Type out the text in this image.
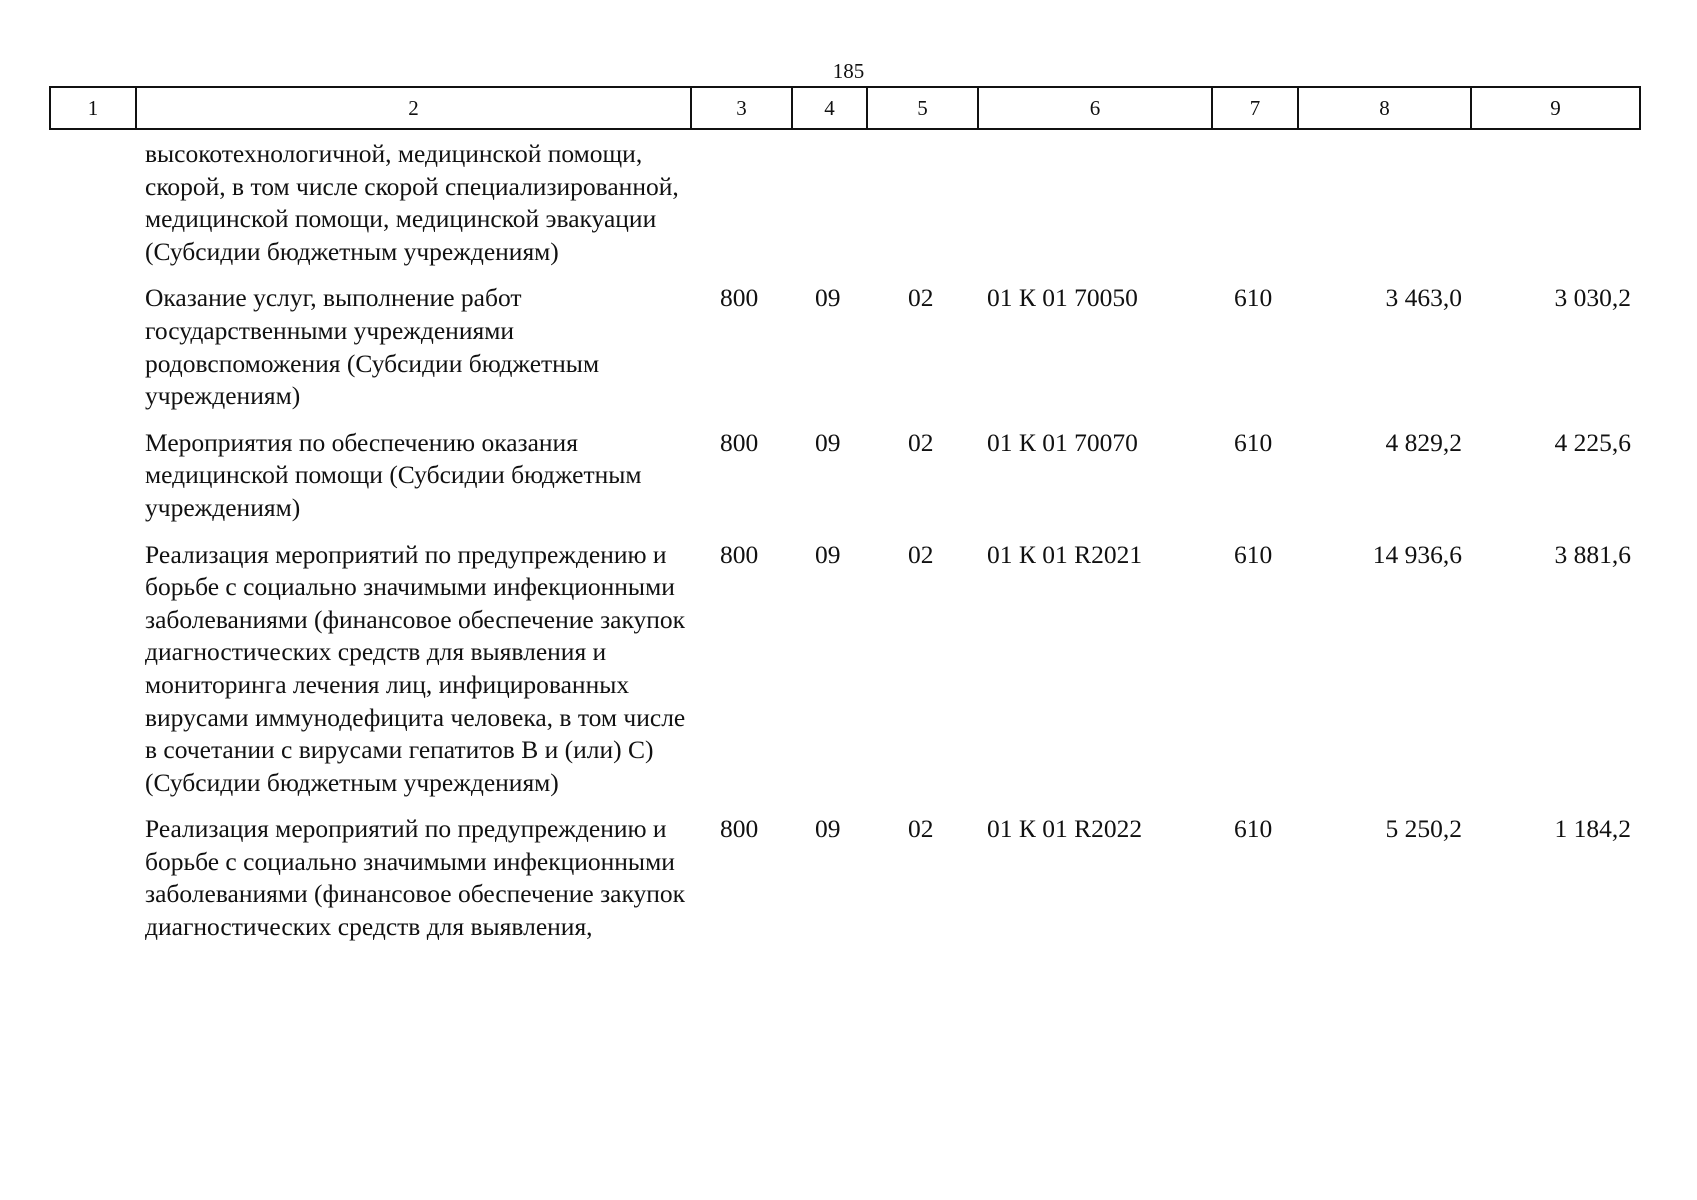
185
1	2	3	4	5	6	7	8	9
	высокотехнологичной, медицинской помощи, скорой, в том числе скорой специализированной, медицинской помощи, медицинской эвакуации (Субсидии бюджетным учреждениям)							
	Оказание услуг, выполнение работ государственными учреждениями родовспоможения (Субсидии бюджетным учреждениям)	800	09	02	01 К 01 70050	610	3 463,0	3 030,2
	Мероприятия по обеспечению оказания медицинской помощи (Субсидии бюджетным учреждениям)	800	09	02	01 К 01 70070	610	4 829,2	4 225,6
	Реализация мероприятий по предупреждению и борьбе с социально значимыми инфекционными заболеваниями (финансовое обеспечение закупок диагностических средств для выявления и мониторинга лечения лиц, инфицированных вирусами иммунодефицита человека, в том числе в сочетании с вирусами гепатитов В и (или) С) (Субсидии бюджетным учреждениям)	800	09	02	01 К 01 R2021	610	14 936,6	3 881,6
	Реализация мероприятий по предупреждению и борьбе с социально значимыми инфекционными заболеваниями (финансовое обеспечение закупок диагностических средств для выявления,	800	09	02	01 К 01 R2022	610	5 250,2	1 184,2
